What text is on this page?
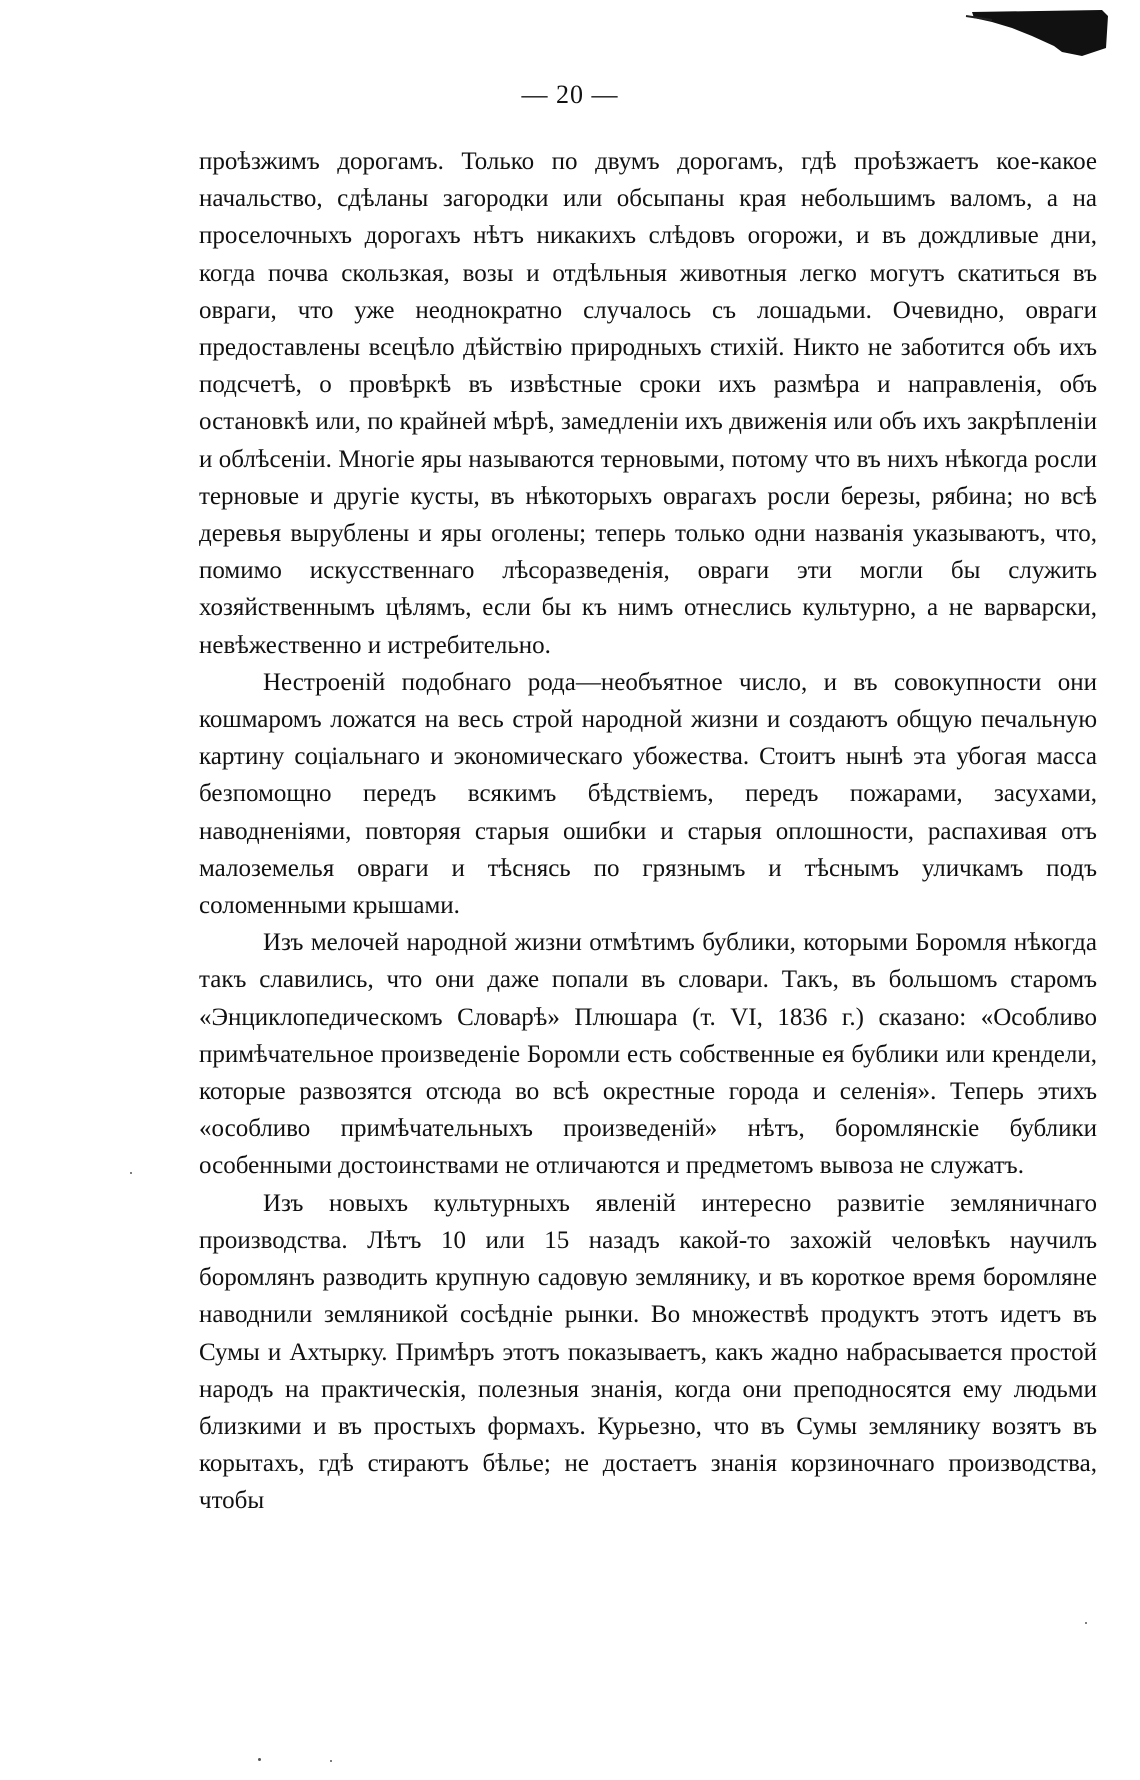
— 20 —

проѣзжимъ дорогамъ. Только по двумъ дорогамъ, гдѣ проѣзжаетъ кое-какое начальство, сдѣланы загородки или обсыпаны края небольшимъ валомъ, а на проселочныхъ дорогахъ нѣтъ никакихъ слѣдовъ огорожи, и въ дождливые дни, когда почва скользкая, возы и отдѣльныя животныя легко могутъ скатиться въ овраги, что уже неоднократно случалось съ лошадьми. Очевидно, овраги предоставлены всецѣло дѣйствію природныхъ стихій. Никто не заботится объ ихъ подсчетѣ, о провѣркѣ въ извѣстные сроки ихъ размѣра и направленія, объ остановкѣ или, по крайней мѣрѣ, замедленіи ихъ движенія или объ ихъ закрѣпленіи и облѣсеніи. Многіе яры называются терновыми, потому что въ нихъ нѣкогда росли терновые и другіе кусты, въ нѣкоторыхъ оврагахъ росли березы, рябина; но всѣ деревья вырублены и яры оголены; теперь только одни названія указываютъ, что, помимо искусственнаго лѣсоразведенія, овраги эти могли бы служить хозяйственнымъ цѣлямъ, если бы къ нимъ отнеслись культурно, а не варварски, невѣжественно и истребительно.

Нестроеній подобнаго рода—необъятное число, и въ совокупности они кошмаромъ ложатся на весь строй народной жизни и создаютъ общую печальную картину соціальнаго и экономическаго убожества. Стоитъ нынѣ эта убогая масса безпомощно передъ всякимъ бѣдствіемъ, передъ пожарами, засухами, наводненіями, повторяя старыя ошибки и старыя оплошности, распахивая отъ малоземелья овраги и тѣснясь по грязнымъ и тѣснымъ уличкамъ подъ соломенными крышами.

Изъ мелочей народной жизни отмѣтимъ бублики, которыми Боромля нѣкогда такъ славились, что они даже попали въ словари. Такъ, въ большомъ старомъ «Энциклопедическомъ Словарѣ» Плюшара (т. VI, 1836 г.) сказано: «Особливо примѣчательное произведеніе Боромли есть собственные ея бублики или крендели, которые развозятся отсюда во всѣ окрестные города и селенія». Теперь этихъ «особливо примѣчательныхъ произведеній» нѣтъ, боромлянскіе бублики особенными достоинствами не отличаются и предметомъ вывоза не служатъ.

Изъ новыхъ культурныхъ явленій интересно развитіе земляничнаго производства. Лѣтъ 10 или 15 назадъ какой-то захожій человѣкъ научилъ боромлянъ разводить крупную садовую землянику, и въ короткое время боромляне наводнили земляникой сосѣдніе рынки. Во множествѣ продуктъ этотъ идетъ въ Сумы и Ахтырку. Примѣръ этотъ показываетъ, какъ жадно набрасывается простой народъ на практическія, полезныя знанія, когда они преподносятся ему людьми близкими и въ простыхъ формахъ. Курьезно, что въ Сумы землянику возятъ въ корытахъ, гдѣ стираютъ бѣлье; не достаетъ знанія корзиночнаго производства, чтобы
